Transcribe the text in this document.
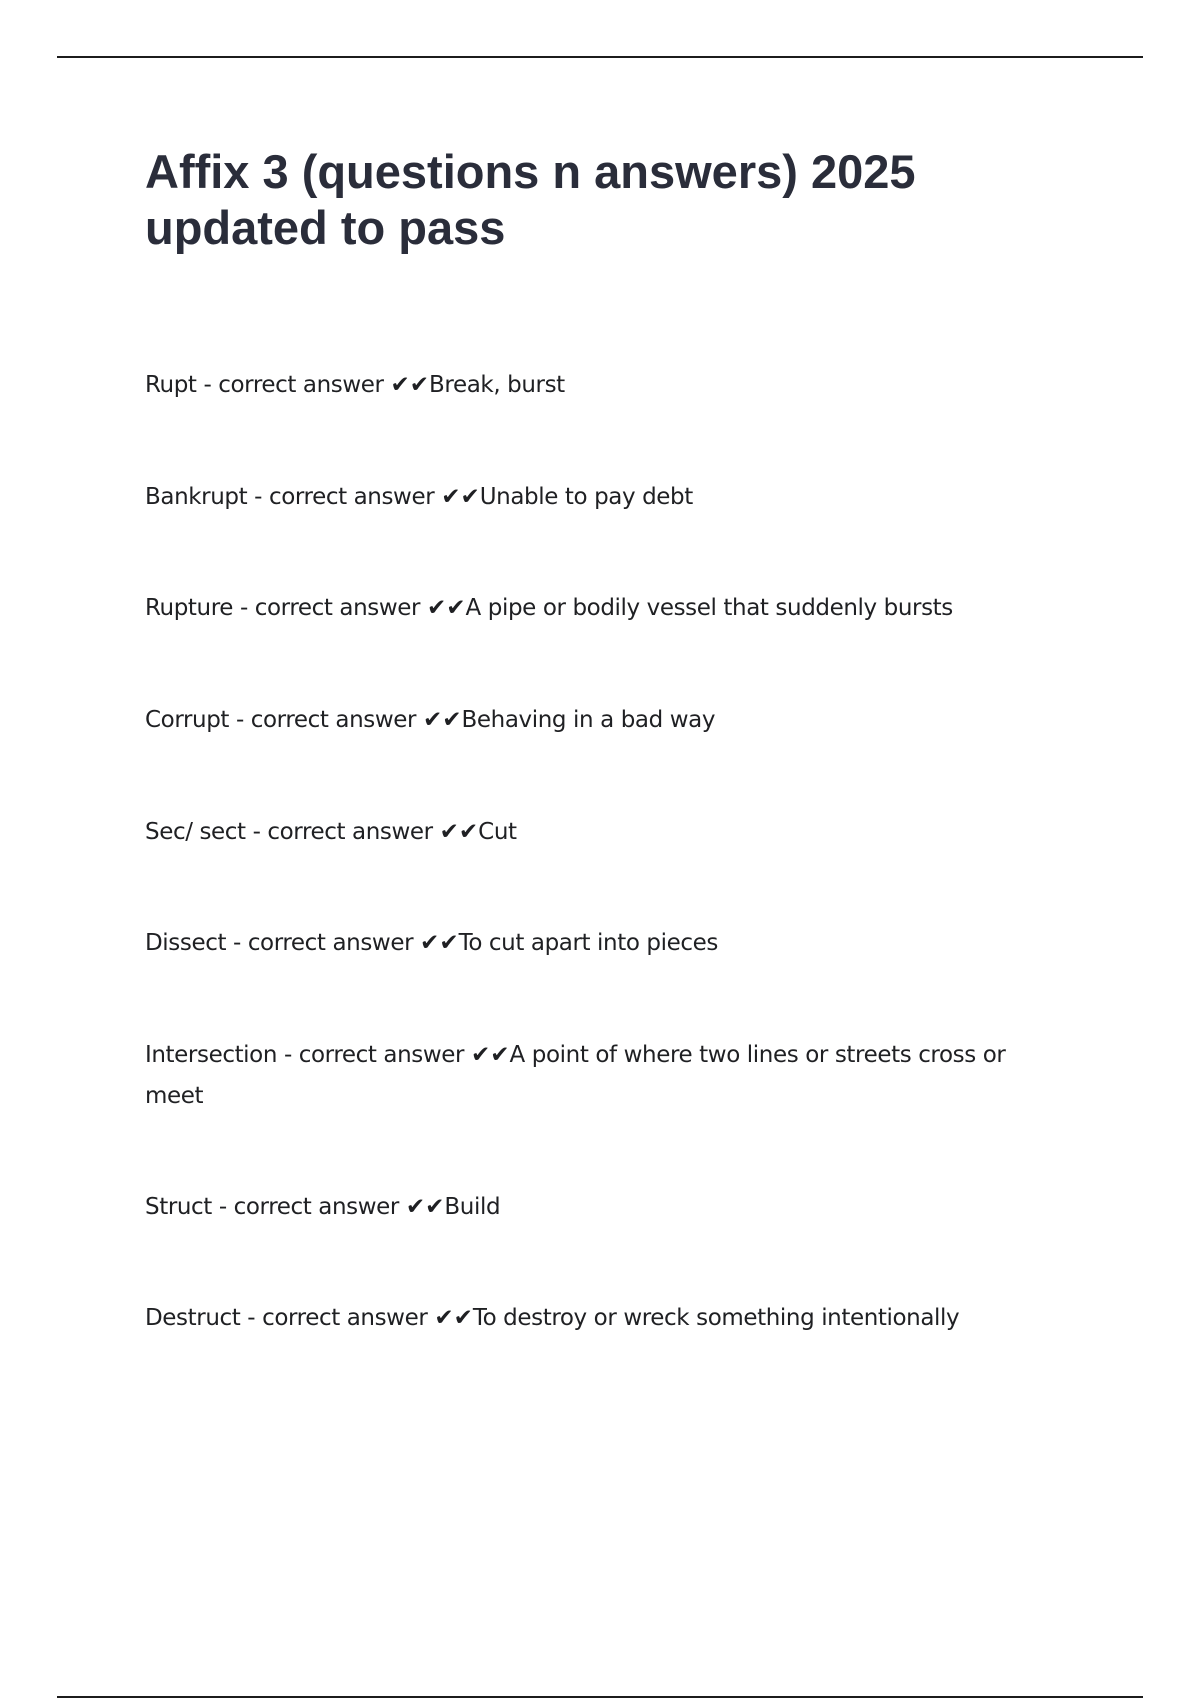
Affix 3 (questions n answers) 2025 updated to pass
Rupt - correct answer ✔✔Break, burst
Bankrupt - correct answer ✔✔Unable to pay debt
Rupture - correct answer ✔✔A pipe or bodily vessel that suddenly bursts
Corrupt - correct answer ✔✔Behaving in a bad way
Sec/ sect - correct answer ✔✔Cut
Dissect - correct answer ✔✔To cut apart into pieces
Intersection - correct answer ✔✔A point of where two lines or streets cross or meet
Struct - correct answer ✔✔Build
Destruct - correct answer ✔✔To destroy or wreck something intentionally
